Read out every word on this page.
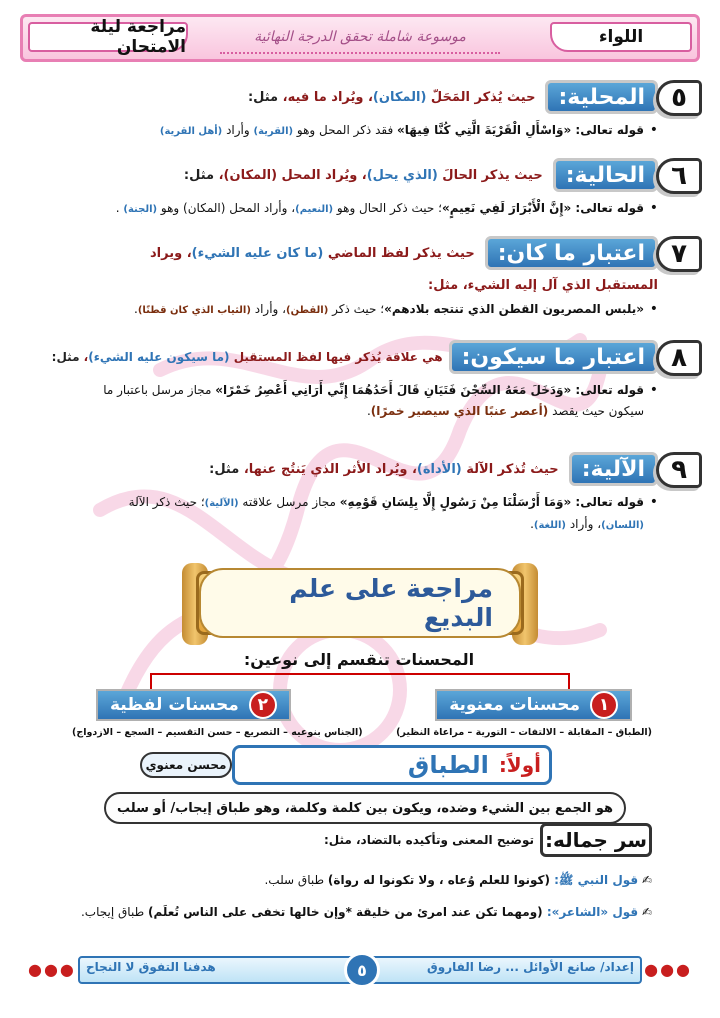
اللواء
موسوعة شاملة تحقق الدرجة النهائية
مراجعة ليلة الامتحان
٥
المحلية:
حيث يُذكر المَحَلّ (المكان)، ويُراد ما فيه، مثل:
• قوله تعالى: «وَاسْأَلِ الْقَرْيَةَ الَّتِي كُنَّا فِيهَا» فقد ذكر المحل وهو (القرية) وأراد (أهل القرية)
٦
الحالية:
حيث يذكر الحالَ (الذي يحل)، ويُراد المحل (المكان)، مثل:
• قوله تعالى: «إِنَّ الْأَبْرَارَ لَفِي نَعِيمٍ»؛ حيث ذكر الحال وهو (النعيم)، وأراد المحل (المكان) وهو (الجنة) .
٧
اعتبار ما كان:
حيث يذكر لفظ الماضي (ما كان عليه الشيء)، ويراد
المستقبل الذي آل إليه الشيء، مثل:
• «يلبس المصريون القطن الذي تنتجه بلادهم»؛ حيث ذكر (القطن)، وأراد (الثياب الذي كان قطنًا).
٨
اعتبار ما سيكون:
هي علاقة يُذكر فيها لفظ المستقبل (ما سيكون عليه الشيء)، مثل:
• قوله تعالى: «وَدَخَلَ مَعَهُ السِّجْنَ فَتَيَانِ قَالَ أَحَدُهُمَا إِنِّي أَرَانِي أَعْصِرُ خَمْرًا» مجاز مرسل باعتبار ما
سيكون حيث يقصد (أعصر عنبًا الذي سيصير خمرًا).
٩
الآلية:
حيث تُذكر الآلة (الأداة)، ويُراد الأثر الذي يَنتُج عنها، مثل:
• قوله تعالى: «وَمَا أَرْسَلْنَا مِنْ رَسُولٍ إِلَّا بِلِسَانِ قَوْمِهِ» مجاز مرسل علاقته (الآلية)؛ حيث ذكر الآلة
(اللسان)، وأراد (اللغة).
مراجعة على علم البديع
المحسنات تنقسم إلى نوعين:
١
محسنات معنوية
٢
محسنات لفظية
(الطباق – المقابلة – الالتفات – التورية – مراعاة النظير)
(الجناس بنوعيه – التصريع – حسن التقسيم – السجع – الازدواج)
أولاً:
الطباق
محسن معنوي
هو الجمع بين الشيء وضده، ويكون بين كلمة وكلمة، وهو طباق إيجاب/ أو سلب
سر جماله:
توضيح المعنى وتأكيده بالتضاد، مثل:
✍ قول النبي ﷺ: (كونوا للعلم وُعاه ، ولا تكونوا له رواة) طباق سلب.
✍ قول «الشاعر»: (ومهما تكن عند امرئ من خليقة *وإن خالها تخفى على الناس تُعلَم) طباق إيجاب.
●●●
●●●	إعداد/ صانع الأوائل ... رضا الفاروق
هدفنا التفوق لا النجاح	٥
